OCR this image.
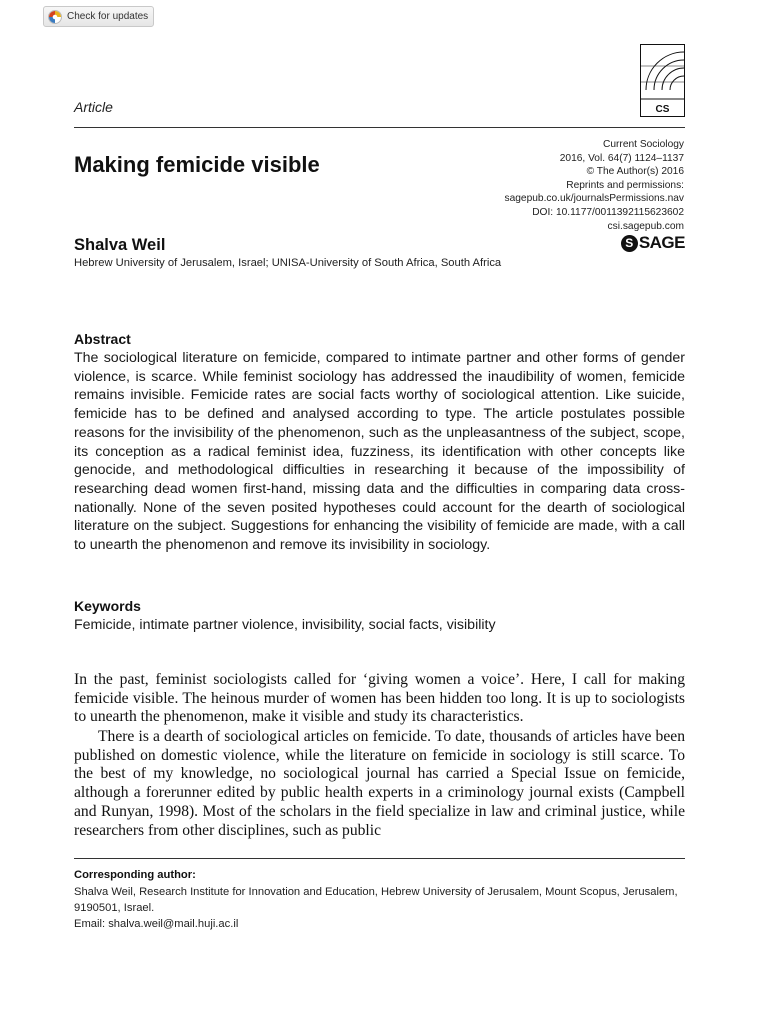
Check for updates
CS
Article
Making femicide visible
Current Sociology
2016, Vol. 64(7) 1124–1137
© The Author(s) 2016
Reprints and permissions:
sagepub.co.uk/journalsPermissions.nav
DOI: 10.1177/0011392115623602
csi.sagepub.com
S SAGE
Shalva Weil
Hebrew University of Jerusalem, Israel; UNISA-University of South Africa, South Africa
Abstract
The sociological literature on femicide, compared to intimate partner and other forms of gender violence, is scarce. While feminist sociology has addressed the inaudibility of women, femicide remains invisible. Femicide rates are social facts worthy of sociological attention. Like suicide, femicide has to be defined and analysed according to type. The article postulates possible reasons for the invisibility of the phenomenon, such as the unpleasantness of the subject, scope, its conception as a radical feminist idea, fuzziness, its identification with other concepts like genocide, and methodological difficulties in researching it because of the impossibility of researching dead women first-hand, missing data and the difficulties in comparing data cross-nationally. None of the seven posited hypotheses could account for the dearth of sociological literature on the subject. Suggestions for enhancing the visibility of femicide are made, with a call to unearth the phenomenon and remove its invisibility in sociology.
Keywords
Femicide, intimate partner violence, invisibility, social facts, visibility
In the past, feminist sociologists called for ‘giving women a voice’. Here, I call for making femicide visible. The heinous murder of women has been hidden too long. It is up to sociologists to unearth the phenomenon, make it visible and study its characteristics.
There is a dearth of sociological articles on femicide. To date, thousands of articles have been published on domestic violence, while the literature on femicide in sociology is still scarce. To the best of my knowledge, no sociological journal has carried a Special Issue on femicide, although a forerunner edited by public health experts in a criminology journal exists (Campbell and Runyan, 1998). Most of the scholars in the field specialize in law and criminal justice, while researchers from other disciplines, such as public
Corresponding author:
Shalva Weil, Research Institute for Innovation and Education, Hebrew University of Jerusalem, Mount Scopus, Jerusalem, 9190501, Israel.
Email: shalva.weil@mail.huji.ac.il
